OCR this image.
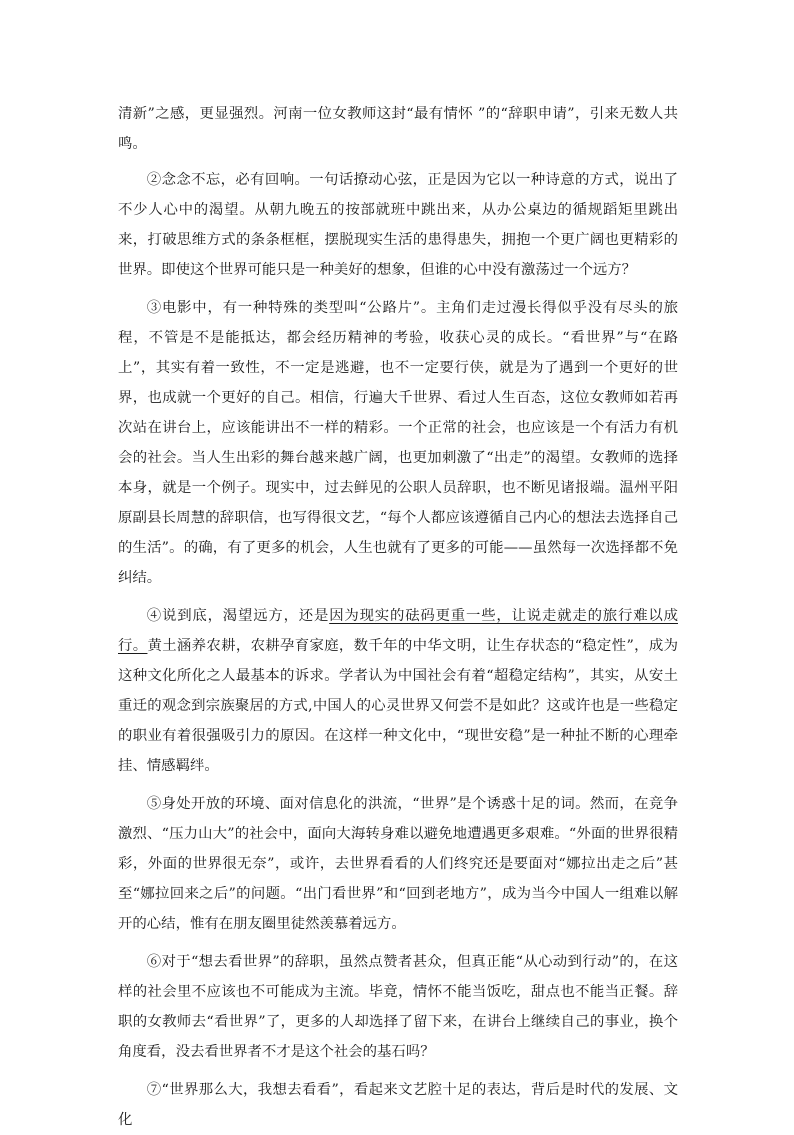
清新”之感，更显强烈。河南一位女教师这封“最有情怀 ”的“辞职申请”，引来无数人共鸣。

②念念不忘，必有回响。一句话撩动心弦，正是因为它以一种诗意的方式，说出了不少人心中的渴望。从朝九晚五的按部就班中跳出来，从办公桌边的循规蹈矩里跳出来，打破思维方式的条条框框，摆脱现实生活的患得患失，拥抱一个更广阔也更精彩的世界。即使这个世界可能只是一种美好的想象，但谁的心中没有激荡过一个远方？

③电影中，有一种特殊的类型叫“公路片”。主角们走过漫长得似乎没有尽头的旅程，不管是不是能抵达，都会经历精神的考验，收获心灵的成长。“看世界”与“在路上”，其实有着一致性，不一定是逃避，也不一定要行侠，就是为了遇到一个更好的世界，也成就一个更好的自己。相信，行遍大千世界、看过人生百态，这位女教师如若再次站在讲台上，应该能讲出不一样的精彩。一个正常的社会，也应该是一个有活力有机会的社会。当人生出彩的舞台越来越广阔，也更加刺激了“出走”的渴望。女教师的选择本身，就是一个例子。现实中，过去鲜见的公职人员辞职，也不断见诸报端。温州平阳原副县长周慧的辞职信，也写得很文艺，“每个人都应该遵循自己内心的想法去选择自己的生活”。的确，有了更多的机会，人生也就有了更多的可能——虽然每一次选择都不免纠结。

④说到底，渴望远方，还是因为现实的砝码更重一些，让说走就走的旅行难以成行。黄土涵养农耕，农耕孕育家庭，数千年的中华文明，让生存状态的“稳定性”，成为这种文化所化之人最基本的诉求。学者认为中国社会有着“超稳定结构”，其实，从安土重迁的观念到宗族聚居的方式,中国人的心灵世界又何尝不是如此？这或许也是一些稳定的职业有着很强吸引力的原因。在这样一种文化中，“现世安稳”是一种扯不断的心理牵挂、情感羁绊。

⑤身处开放的环境、面对信息化的洪流，“世界”是个诱惑十足的词。然而，在竞争激烈、“压力山大”的社会中，面向大海转身难以避免地遭遇更多艰难。“外面的世界很精彩，外面的世界很无奈”，或许，去世界看看的人们终究还是要面对“娜拉出走之后”甚至“娜拉回来之后”的问题。“出门看世界”和“回到老地方”，成为当今中国人一组难以解开的心结，惟有在朋友圈里徒然羡慕着远方。

⑥对于“想去看世界”的辞职，虽然点赞者甚众，但真正能“从心动到行动”的，在这样的社会里不应该也不可能成为主流。毕竟，情怀不能当饭吃，甜点也不能当正餐。辞职的女教师去“看世界”了，更多的人却选择了留下来，在讲台上继续自己的事业，换个角度看，没去看世界者不才是这个社会的基石吗？

⑦“世界那么大，我想去看看”，看起来文艺腔十足的表达，背后是时代的发展、文化
